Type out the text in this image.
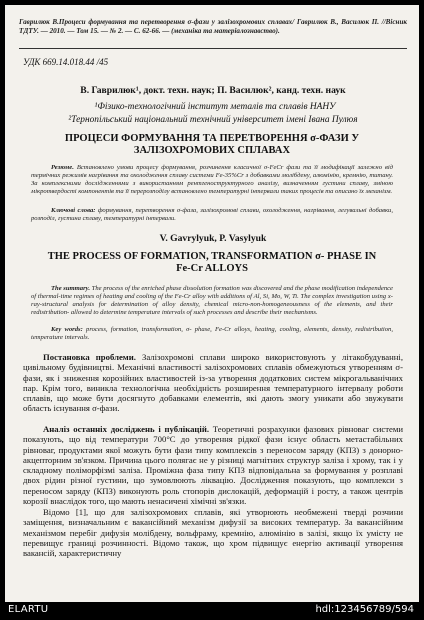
Гаврилюк В.Процеси формування та перетворення σ-фази у залізохромових сплавах/ Гаврилюк В., Василюк П. //Вісник ТДТУ. — 2010. — Том 15. — № 2. — С. 62-66. — (механіка та матеріалознавство).
УДК 669.14.018.44 /45
В. Гаврилюк¹, докт. техн. наук; П. Василюк², канд. техн. наук
¹Фізико-технологічний інститут металів та сплавів НАНУ
²Тернопільський національний технічний університет імені Івана Пулюя
ПРОЦЕСИ ФОРМУВАННЯ ТА ПЕРЕТВОРЕННЯ σ-ФАЗИ У ЗАЛІЗОХРОМОВИХ СПЛАВАХ
Резюме. Встановлено умови процесу формування, розчинення класичної σ-FeCr фази та її модифікації залежно від термічних режимів нагрівання та охолодження сплаву системи Fe-35%Cr з добавками молібдену, алюмінію, кремнію, титану. За комплексними дослідженнями з використанням рентгеноструктурного аналізу, визначенням густини сплаву, зміною мікротвердості компонентів та її перерозподілу встановлено температурні інтервали таких процесів та описано їх механізм.
Ключові слова: формування, перетворення σ-фаза, залізохромові сплави, охолодження, нагрівання, легувальні добавки, розподіл, густина сплаву, температурні інтервали.
V. Gavrylyuk, P. Vasylyuk
THE PROCESS OF FORMATION, TRANSFORMATION σ- PHASE IN Fe-Cr ALLOYS
The summary. The process of the enriched phase dissolution formation was discovered and the phase modification independence of thermal-time regimes of heating and cooling of the Fe-Cr alloy with additions of Al, Si, Mo, W, Ti. The complex investigation using x-ray-structural analysis for determination of alloy density, chemical micro-non-homogeneousness of the elements, and their redistribution- allowed to determine temperature intervals of such processes and describe their mechanisms.
Key words: process, formation, transformation, σ- phase, Fe-Cr alloys, heating, cooling, elements, density, redistribution, temperature intervals.
Постановка проблеми. Залізохромові сплави широко використовують у літакобудуванні, цивільному будівництві. Механічні властивості залізохромових сплавів обмежуються утворенням σ-фази, як і зниження корозійних властивостей із-за утворення додаткових систем мікрогальванічних пар. Крім того, виникла технологічна необхідність розширення температурного інтервалу роботи сплавів, що може бути досягнуто добавками елементів, які дають змогу уникати або звужувати область існування σ-фази.
Аналіз останніх досліджень і публікацій. Теоретичні розрахунки фазових рівноваг системи показують, що від температури 700°C до утворення рідкої фази існує область метастабільних рівноваг, продуктами якої можуть бути фази типу комплексів з переносом заряду (КПЗ) з донорно-акцепторним зв'язком. Причина цього полягає не у різниці магнітних структур заліза і хрому, так і у складному поліморфізмі заліза. Проміжна фаза типу КПЗ відповідальна за формування у розплаві двох рідин різної густини, що зумовлюють ліквацію. Дослідження показують, що комплекси з переносом заряду (КПЗ) виконують роль стопорів дислокацій, деформацій і росту, а також центрів корозії внаслідок того, що мають ненасичені хімічні зв'язки.
Відомо [1], що для залізохромових сплавів, які утворюють необмежені тверді розчини заміщення, визначальним є вакансійний механізм дифузії за високих температур. За вакансійним механізмом перебіг дифузія молібдену, вольфраму, кремнію, алюмінію в залізі, якщо їх умісту не перевищує границі розчинності. Відомо також, що хром підвищує енергію активації утворення вакансій, характеристичну
ELARTU	hdl:123456789/594
